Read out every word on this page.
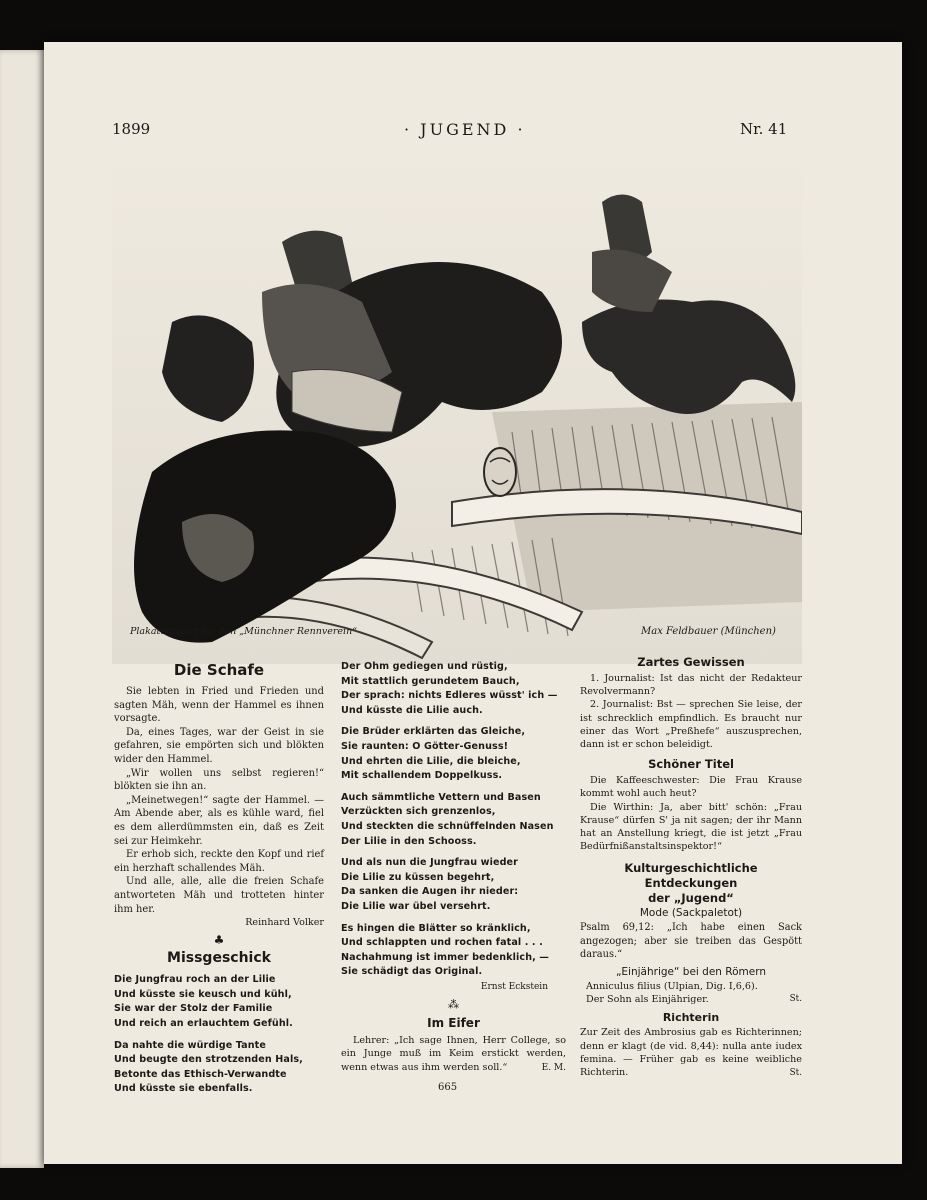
1899	· JUGEND ·	Nr. 41
Plakatentwurf für den „Münchner Rennverein“	Max Feldbauer (München)
Die Schafe

Sie lebten in Fried und Frieden und sagten Mäh, wenn der Hammel es ihnen vorsagte.

Da, eines Tages, war der Geist in sie gefahren, sie empörten sich und blökten wider den Hammel.

„Wir wollen uns selbst regieren!“ blökten sie ihn an.

„Meinetwegen!“ sagte der Hammel. — Am Abende aber, als es kühle ward, fiel es dem allerdümmsten ein, daß es Zeit sei zur Heimkehr.

Er erhob sich, reckte den Kopf und rief ein herzhaft schallendes Mäh.

Und alle, alle, alle die freien Schafe antworteten Mäh und trotteten hinter ihm her.

Reinhard Volker

♣
Missgeschick

Die Jungfrau roch an der Lilie

Und küsste sie keusch und kühl,

Sie war der Stolz der Familie

Und reich an erlauchtem Gefühl.

Da nahte die würdige Tante

Und beugte den strotzenden Hals,

Betonte das Ethisch-Verwandte

Und küsste sie ebenfalls.

Der Ohm gediegen und rüstig,

Mit stattlich gerundetem Bauch,

Der sprach: nichts Edleres wüsst' ich —

Und küsste die Lilie auch.

Die Brüder erklärten das Gleiche,

Sie raunten: O Götter-Genuss!

Und ehrten die Lilie, die bleiche,

Mit schallendem Doppelkuss.

Auch sämmtliche Vettern und Basen

Verzückten sich grenzenlos,

Und steckten die schnüffelnden Nasen

Der Lilie in den Schooss.

Und als nun die Jungfrau wieder

Die Lilie zu küssen begehrt,

Da sanken die Augen ihr nieder:

Die Lilie war übel versehrt.

Es hingen die Blätter so kränklich,

Und schlappten und rochen fatal . . .

Nachahmung ist immer bedenklich, —

Sie schädigt das Original.

Ernst Eckstein
⁂
Im Eifer

Lehrer: „Ich sage Ihnen, Herr College, so ein Junge muß im Keim erstickt werden, wenn etwas aus ihm werden soll.“	E. M.
Zartes Gewissen

1. Journalist: Ist das nicht der Redakteur Revolvermann?

2. Journalist: Bst — sprechen Sie leise, der ist schrecklich empfindlich. Es braucht nur einer das Wort „Preßhefe“ auszusprechen, dann ist er schon beleidigt.

Schöner Titel

Die Kaffeeschwester: Die Frau Krause kommt wohl auch heut?

Die Wirthin: Ja, aber bitt' schön: „Frau Krause“ dürfen S' ja nit sagen; der ihr Mann hat an Anstellung kriegt, die ist jetzt „Frau Bedürfnißanstaltsinspektor!“

Kulturgeschichtliche Entdeckungen
der „Jugend“
Mode (Sackpaletot)

Psalm 69,12: „Ich habe einen Sack angezogen; aber sie treiben das Gespött daraus.“

„Einjährige“ bei den Römern

Anniculus filius (Ulpian, Dig. I,6,6).

Der Sohn als Einjähriger.	St.

Richterin

Zur Zeit des Ambrosius gab es Richterinnen; denn er klagt (de vid. 8,44): nulla ante iudex femina. — Früher gab es keine weibliche Richterin.	St.
665
